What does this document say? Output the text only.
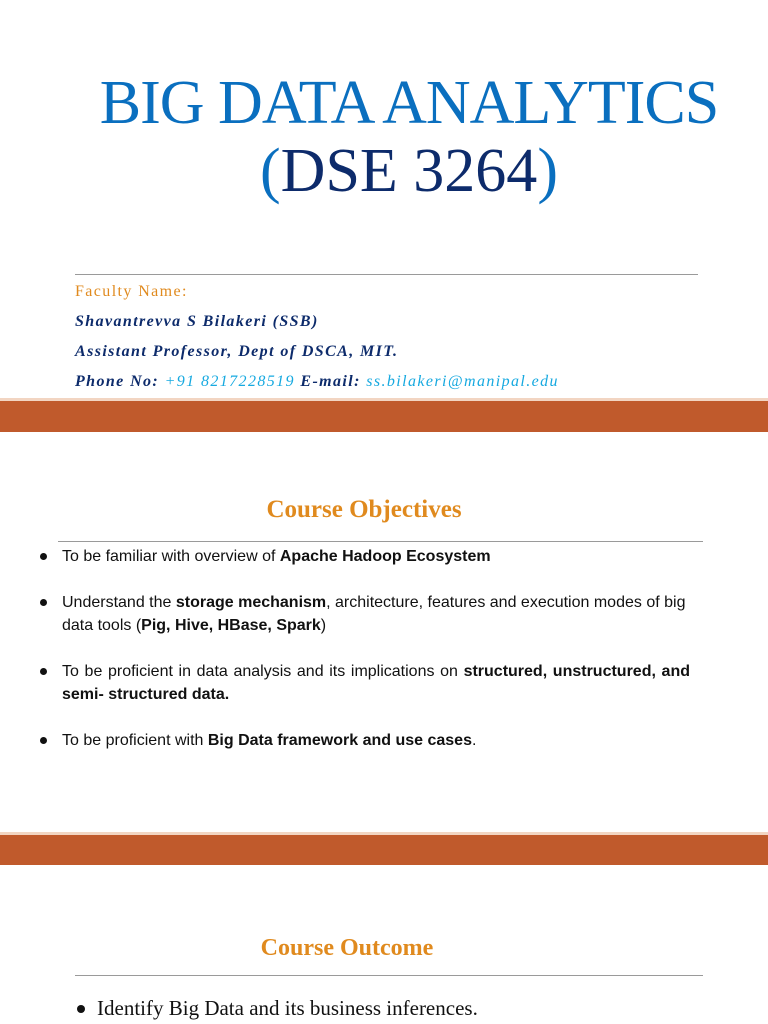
BIG DATA ANALYTICS
(DSE 3264)
Faculty Name:
Shavantrevva S Bilakeri (SSB)
Assistant Professor, Dept of DSCA, MIT.
Phone No: +91 8217228519 E-mail: ss.bilakeri@manipal.edu
Course Objectives
To be familiar with overview of Apache Hadoop Ecosystem
Understand the storage mechanism, architecture, features and execution modes of big data tools (Pig, Hive, HBase, Spark)
To be proficient in data analysis and its implications on structured, unstructured, and semi- structured data.
To be proficient with Big Data framework and use cases.
Course Outcome
Identify Big Data and its business inferences.
